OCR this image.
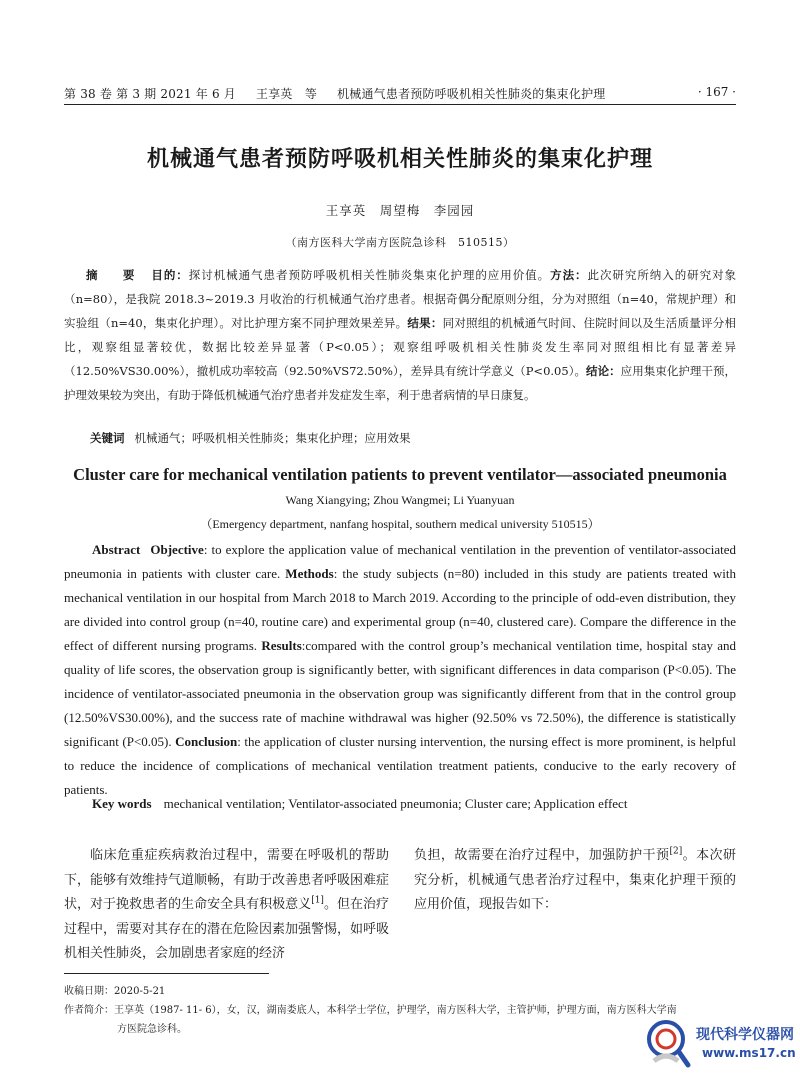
第 38 卷 第 3 期 2021 年 6 月 王享英　等 机械通气患者预防呼吸机相关性肺炎的集束化护理	· 167 ·
机械通气患者预防呼吸机相关性肺炎的集束化护理
王享英　周望梅　李园园
（南方医科大学南方医院急诊科　510515）
摘　要 目的：探讨机械通气患者预防呼吸机相关性肺炎集束化护理的应用价值。方法：此次研究所纳入的研究对象（n=80），是我院 2018.3~2019.3 月收治的行机械通气治疗患者。根据奇偶分配原则分组，分为对照组（n=40，常规护理）和实验组（n=40，集束化护理）。对比护理方案不同护理效果差异。结果：同对照组的机械通气时间、住院时间以及生活质量评分相比，观察组显著较优，数据比较差异显著（P<0.05）；观察组呼吸机相关性肺炎发生率同对照组相比有显著差异（12.50%VS30.00%），撤机成功率较高（92.50%VS72.50%），差异具有统计学意义（P<0.05）。结论：应用集束化护理干预，护理效果较为突出，有助于降低机械通气治疗患者并发症发生率，利于患者病情的早日康复。
关键词 机械通气；呼吸机相关性肺炎；集束化护理；应用效果
Cluster care for mechanical ventilation patients to prevent ventilator—associated pneumonia
Wang Xiangying; Zhou Wangmei; Li Yuanyuan
（Emergency department, nanfang hospital, southern medical university 510515）
Abstract Objective: to explore the application value of mechanical ventilation in the prevention of ventilator-associated pneumonia in patients with cluster care. Methods: the study subjects (n=80) included in this study are patients treated with mechanical ventilation in our hospital from March 2018 to March 2019. According to the principle of odd-even distribution, they are divided into control group (n=40, routine care) and experimental group (n=40, clustered care). Compare the difference in the effect of different nursing programs. Results:compared with the control group’s mechanical ventilation time, hospital stay and quality of life scores, the observation group is significantly better, with significant differences in data comparison (P<0.05). The incidence of ventilator-associated pneumonia in the observation group was significantly different from that in the control group (12.50%VS30.00%), and the success rate of machine withdrawal was higher (92.50% vs 72.50%), the difference is statistically significant (P<0.05). Conclusion: the application of cluster nursing intervention, the nursing effect is more prominent, is helpful to reduce the incidence of complications of mechanical ventilation treatment patients, conducive to the early recovery of patients.
Key words mechanical ventilation; Ventilator-associated pneumonia; Cluster care; Application effect

临床危重症疾病救治过程中，需要在呼吸机的帮助下，能够有效维持气道顺畅，有助于改善患者呼吸困难症状，对于挽救患者的生命安全具有积极意义[1]。但在治疗过程中，需要对其存在的潜在危险因素加强警惕，如呼吸机相关性肺炎，会加剧患者家庭的经济

负担，故需要在治疗过程中，加强防护干预[2]。本次研究分析，机械通气患者治疗过程中，集束化护理干预的应用价值，现报告如下：

收稿日期：2020-5-21
作者简介：王享英（1987- 11- 6），女，汉，湖南娄底人，本科学士学位，护理学，南方医科大学，主管护师，护理方面，南方医科大学南
方医院急诊科。	现代科学仪器网
www.ms17.cn
